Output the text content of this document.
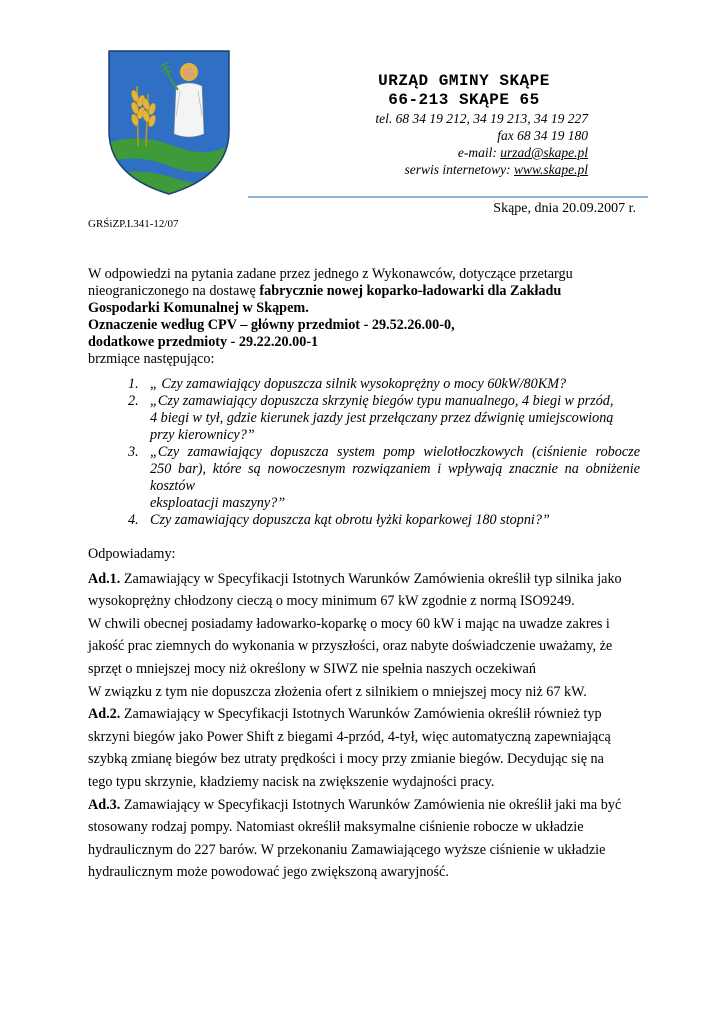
URZĄD GMINY SKĄPE
66-213 SKĄPE 65
tel. 68 34 19 212, 34 19 213, 34 19 227
fax 68 34 19 180
e-mail: urzad@skape.pl
serwis internetowy: www.skape.pl
Skąpe, dnia 20.09.2007 r.
GRŚiZP.I.341-12/07

W odpowiedzi na pytania zadane przez jednego z Wykonawców, dotyczące przetargu

nieograniczonego na dostawę fabrycznie nowej koparko-ładowarki dla Zakładu

Gospodarki Komunalnej w Skąpem.

Oznaczenie według CPV – główny przedmiot - 29.52.26.00-0,

dodatkowe przedmioty - 29.22.20.00-1

brzmiące następująco:

1. „ Czy zamawiający dopuszcza silnik wysokoprężny o mocy 60kW/80KM?
2. „Czy zamawiający dopuszcza skrzynię biegów typu manualnego, 4 biegi w przód,
4 biegi w tył, gdzie kierunek jazdy jest przełączany przez dźwignię umiejscowioną
przy kierownicy?”
3. „Czy zamawiający dopuszcza system pomp wielotłoczkowych (ciśnienie robocze
250 bar), które są nowoczesnym rozwiązaniem i wpływają znacznie na obniżenie
kosztów
eksploatacji maszyny?”
4. Czy zamawiający dopuszcza kąt obrotu łyżki koparkowej 180 stopni?”

Odpowiadamy:

Ad.1. Zamawiający w Specyfikacji Istotnych Warunków Zamówienia określił typ silnika jako

wysokoprężny chłodzony cieczą o mocy minimum 67 kW zgodnie z normą ISO9249.

W chwili obecnej posiadamy ładowarko-koparkę o mocy 60 kW i mając na uwadze zakres i

jakość prac ziemnych do wykonania w przyszłości, oraz nabyte doświadczenie uważamy, że

sprzęt o mniejszej mocy niż określony w SIWZ nie spełnia naszych oczekiwań

W związku z tym nie dopuszcza złożenia ofert z silnikiem o mniejszej mocy niż 67 kW.

Ad.2. Zamawiający w Specyfikacji Istotnych Warunków Zamówienia określił również typ

skrzyni biegów jako Power Shift z biegami 4-przód, 4-tył, więc automatyczną zapewniającą

szybką zmianę biegów bez utraty prędkości i mocy przy zmianie biegów. Decydując się na

tego typu skrzynie, kładziemy nacisk na zwiększenie wydajności pracy.

Ad.3. Zamawiający w Specyfikacji Istotnych Warunków Zamówienia nie określił jaki ma być

stosowany rodzaj pompy. Natomiast określił maksymalne ciśnienie robocze w układzie

hydraulicznym do 227 barów. W przekonaniu Zamawiającego wyższe ciśnienie w układzie

hydraulicznym może powodować jego zwiększoną awaryjność.
